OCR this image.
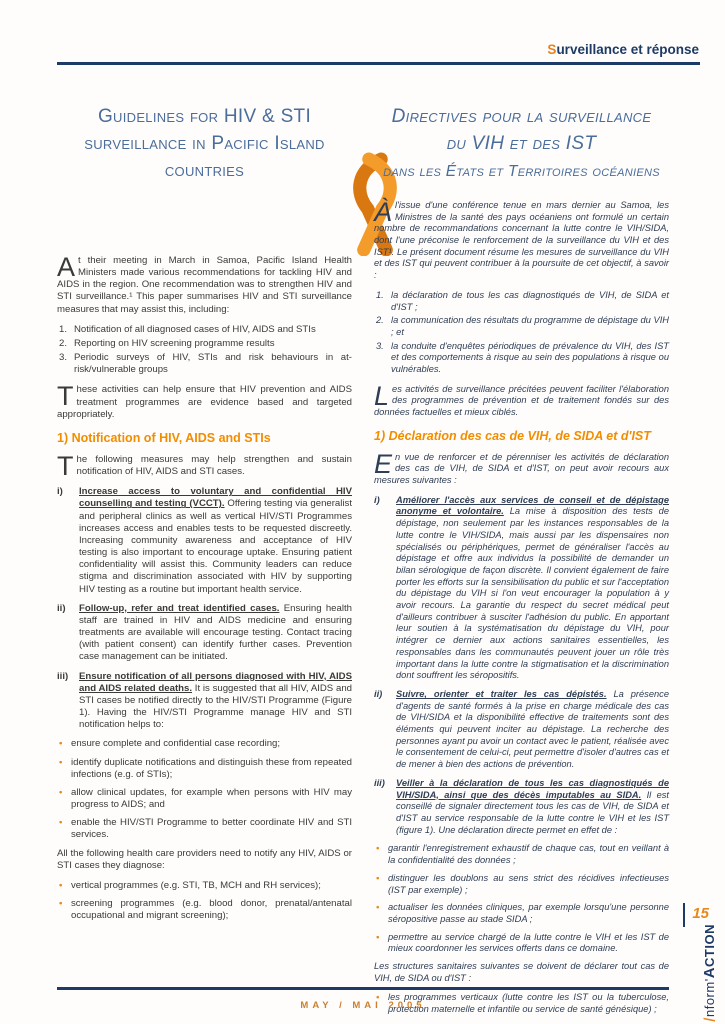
Surveillance et réponse
Guidelines for HIV & STI
surveillance in Pacific Island
countries

At their meeting in March in Samoa, Pacific Island Health Ministers made various recommendations for tackling HIV and AIDS in the region. One recommendation was to strengthen HIV and STI surveillance.¹ This paper summarises HIV and STI surveillance measures that may assist this, including:

1. Notification of all diagnosed cases of HIV, AIDS and STIs
2. Reporting on HIV screening programme results
3. Periodic surveys of HIV, STIs and risk behaviours in at-risk/vulnerable groups

These activities can help ensure that HIV prevention and AIDS treatment programmes are evidence based and targeted appropriately.

1) Notification of HIV, AIDS and STIs

The following measures may help strengthen and sustain notification of HIV, AIDS and STI cases.

i) Increase access to voluntary and confidential HIV counselling and testing (VCCT). Offering testing via generalist and peripheral clinics as well as vertical HIV/STI Programmes increases access and enables tests to be requested discreetly. Increasing community awareness and acceptance of HIV testing is also important to encourage uptake. Ensuring patient confidentiality will assist this. Community leaders can reduce stigma and discrimination associated with HIV by supporting HIV testing as a routine but important health service.
ii) Follow-up, refer and treat identified cases. Ensuring health staff are trained in HIV and AIDS medicine and ensuring treatments are available will encourage testing. Contact tracing (with patient consent) can identify further cases. Prevention case management can be initiated.
iii) Ensure notification of all persons diagnosed with HIV, AIDS and AIDS related deaths. It is suggested that all HIV, AIDS and STI cases be notified directly to the HIV/STI Programme (Figure 1). Having the HIV/STI Programme manage HIV and STI notification helps to:
• ensure complete and confidential case recording;
• identify duplicate notifications and distinguish these from repeated infections (e.g. of STIs);
• allow clinical updates, for example when persons with HIV may progress to AIDS; and
• enable the HIV/STI Programme to better coordinate HIV and STI services.

All the following health care providers need to notify any HIV, AIDS or STI cases they diagnose:

• vertical programmes (e.g. STI, TB, MCH and RH services);
• screening programmes (e.g. blood donor, prenatal/antenatal occupational and migrant screening);
Directives pour la surveillance
du VIH et des IST
dans les États et Territoires océaniens

À l'issue d'une conférence tenue en mars dernier au Samoa, les Ministres de la santé des pays océaniens ont formulé un certain nombre de recommandations concernant la lutte contre le VIH/SIDA, dont l'une préconise le renforcement de la surveillance du VIH et des IST¹. Le présent document résume les mesures de surveillance du VIH et des IST qui peuvent contribuer à la poursuite de cet objectif, à savoir :

1. la déclaration de tous les cas diagnostiqués de VIH, de SIDA et d'IST ;
2. la communication des résultats du programme de dépistage du VIH ; et
3. la conduite d'enquêtes périodiques de prévalence du VIH, des IST et des comportements à risque au sein des populations à risque ou vulnérables.

Les activités de surveillance précitées peuvent faciliter l'élaboration des programmes de prévention et de traitement fondés sur des données factuelles et mieux ciblés.

1) Déclaration des cas de VIH, de SIDA et d'IST

En vue de renforcer et de pérenniser les activités de déclaration des cas de VIH, de SIDA et d'IST, on peut avoir recours aux mesures suivantes :

i) Améliorer l'accès aux services de conseil et de dépistage anonyme et volontaire. La mise à disposition des tests de dépistage, non seulement par les instances responsables de la lutte contre le VIH/SIDA, mais aussi par les dispensaires non spécialisés ou périphériques, permet de généraliser l'accès au dépistage et offre aux individus la possibilité de demander un bilan sérologique de façon discrète. Il convient également de faire porter les efforts sur la sensibilisation du public et sur l'acceptation du dépistage du VIH si l'on veut encourager la population à y avoir recours. La garantie du respect du secret médical peut d'ailleurs contribuer à susciter l'adhésion du public. En apportant leur soutien à la systématisation du dépistage du VIH, pour intégrer ce dernier aux actions sanitaires essentielles, les responsables dans les communautés peuvent jouer un rôle très important dans la lutte contre la stigmatisation et la discrimination dont souffrent les séropositifs.
ii) Suivre, orienter et traiter les cas dépistés. La présence d'agents de santé formés à la prise en charge médicale des cas de VIH/SIDA et la disponibilité effective de traitements sont des éléments qui peuvent inciter au dépistage. La recherche des personnes ayant pu avoir un contact avec le patient, réalisée avec le consentement de celui-ci, peut permettre d'isoler d'autres cas et de mener à bien des actions de prévention.
iii) Veiller à la déclaration de tous les cas diagnostiqués de VIH/SIDA, ainsi que des décès imputables au SIDA. Il est conseillé de signaler directement tous les cas de VIH, de SIDA et d'IST au service responsable de la lutte contre le VIH et les IST (figure 1). Une déclaration directe permet en effet de :
• garantir l'enregistrement exhaustif de chaque cas, tout en veillant à la confidentialité des données ;
• distinguer les doublons au sens strict des récidives infectieuses (IST par exemple) ;
• actualiser les données cliniques, par exemple lorsqu'une personne séropositive passe au stade SIDA ;
• permettre au service chargé de la lutte contre le VIH et les IST de mieux coordonner les services offerts dans ce domaine.

Les structures sanitaires suivantes se doivent de déclarer tout cas de VIH, de SIDA ou d'IST :

• les programmes verticaux (lutte contre les IST ou la tuberculose, protection maternelle et infantile ou service de santé génésique) ;
MAY / MAI 2005
15
Inform'ACTION
